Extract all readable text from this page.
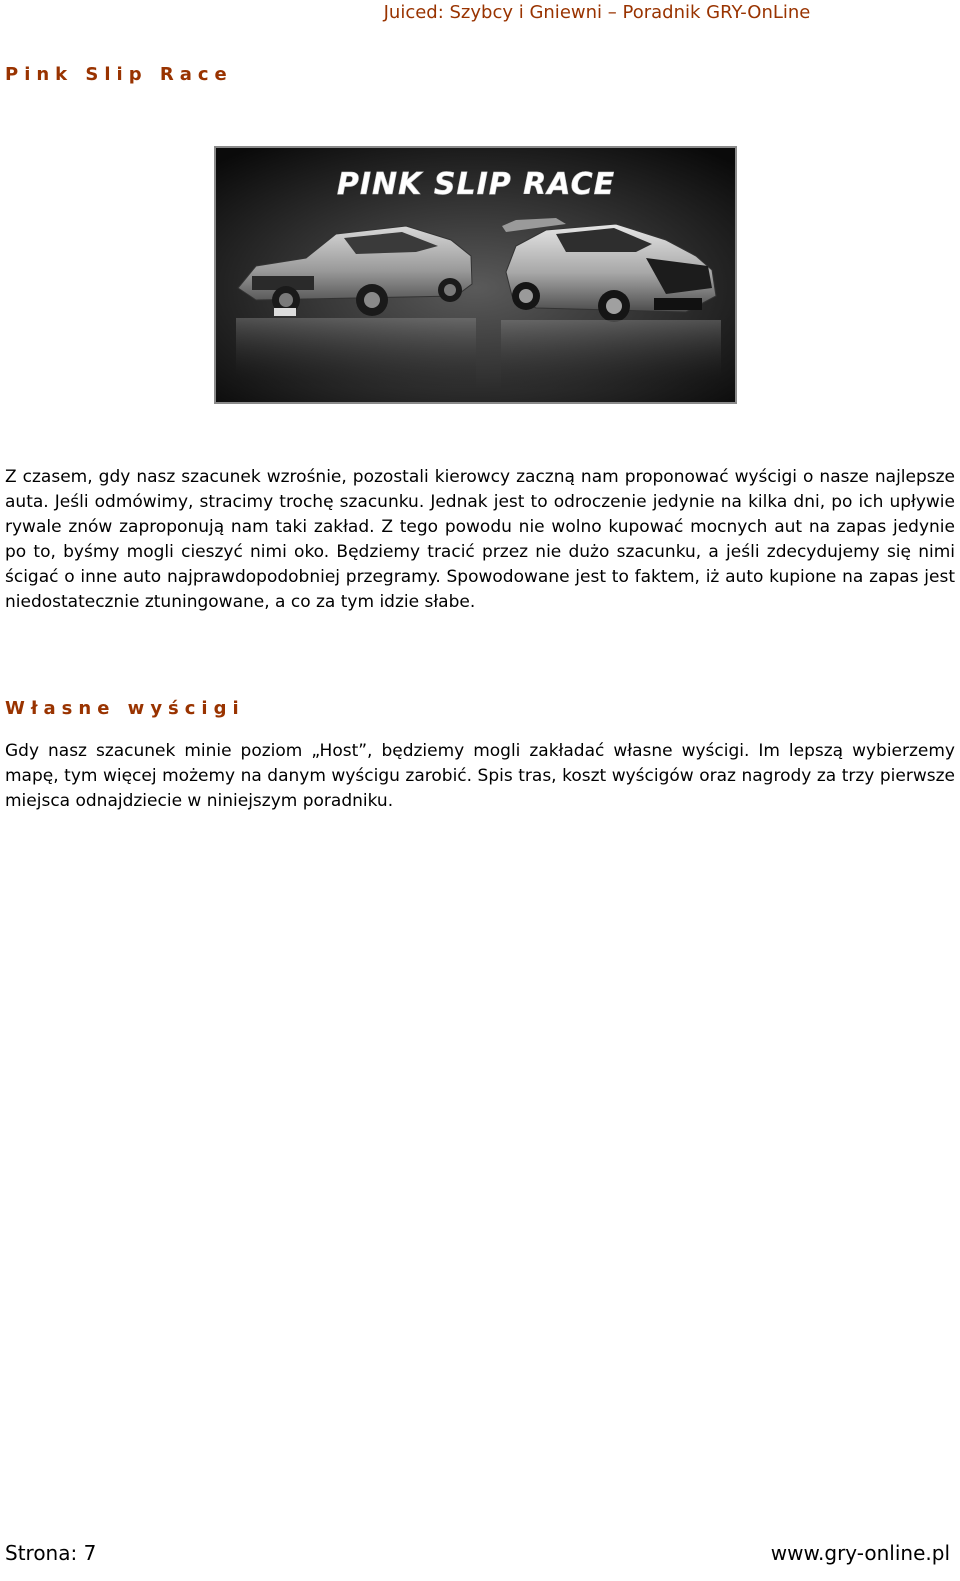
Juiced: Szybcy i Gniewni – Poradnik GRY-OnLine
Pink Slip Race
PINK SLIP RACE

Z czasem, gdy nasz szacunek wzrośnie, pozostali kierowcy zaczną nam proponować wyścigi o nasze najlepsze auta. Jeśli odmówimy, stracimy trochę szacunku. Jednak jest to odroczenie jedynie na kilka dni, po ich upływie rywale znów zaproponują nam taki zakład. Z tego powodu nie wolno kupować mocnych aut na zapas jedynie po to, byśmy mogli cieszyć nimi oko. Będziemy tracić przez nie dużo szacunku, a jeśli zdecydujemy się nimi ścigać o inne auto najprawdopodobniej przegramy. Spowodowane jest to faktem, iż auto kupione na zapas jest niedostatecznie ztuningowane, a co za tym idzie słabe.

Własne wyścigi

Gdy nasz szacunek minie poziom „Host”, będziemy mogli zakładać własne wyścigi. Im lepszą wybierzemy mapę, tym więcej możemy na danym wyścigu zarobić. Spis tras, koszt wyścigów oraz nagrody za trzy pierwsze miejsca odnajdziecie w niniejszym poradniku.

Strona: 7	www.gry-online.pl
